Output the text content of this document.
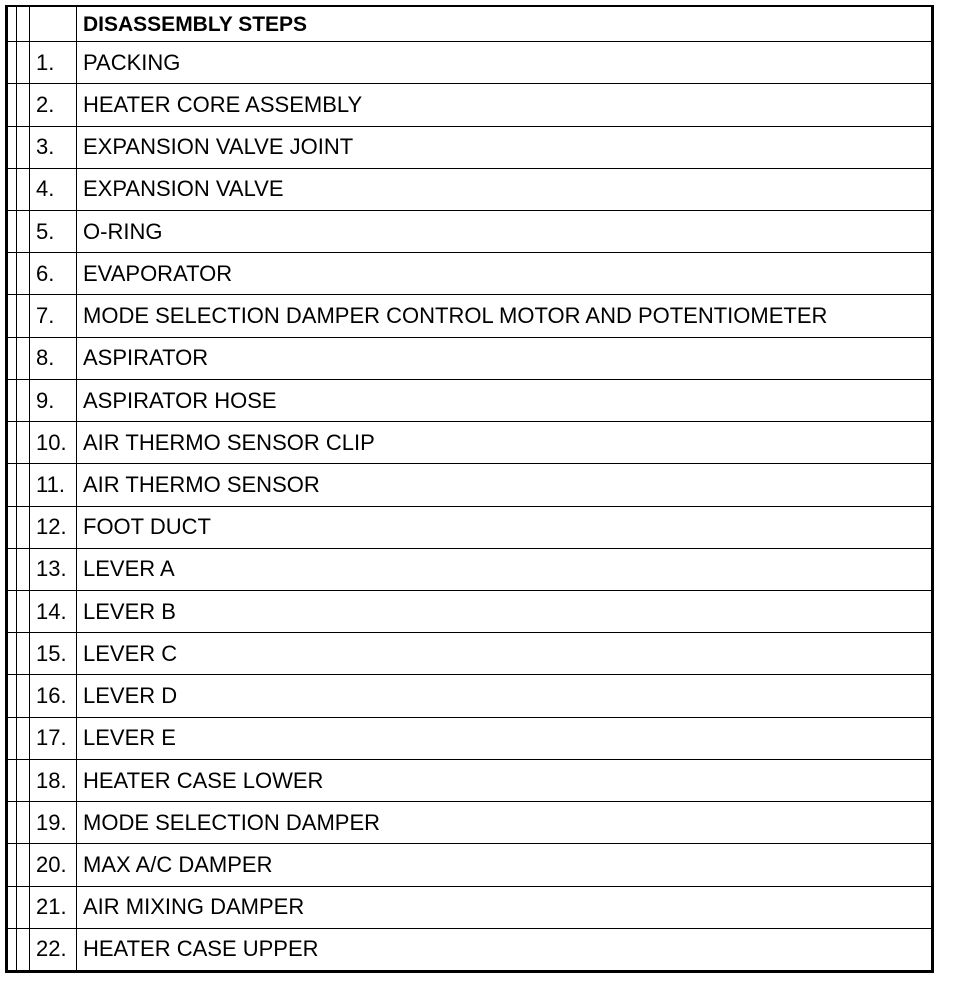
			DISASSEMBLY STEPS
		1.	PACKING
		2.	HEATER CORE ASSEMBLY
		3.	EXPANSION VALVE JOINT
		4.	EXPANSION VALVE
		5.	O-RING
		6.	EVAPORATOR
		7.	MODE SELECTION DAMPER CONTROL MOTOR AND POTENTIOMETER
		8.	ASPIRATOR
		9.	ASPIRATOR HOSE
		10.	AIR THERMO SENSOR CLIP
		11.	AIR THERMO SENSOR
		12.	FOOT DUCT
		13.	LEVER A
		14.	LEVER B
		15.	LEVER C
		16.	LEVER D
		17.	LEVER E
		18.	HEATER CASE LOWER
		19.	MODE SELECTION DAMPER
		20.	MAX A/C DAMPER
		21.	AIR MIXING DAMPER
		22.	HEATER CASE UPPER
